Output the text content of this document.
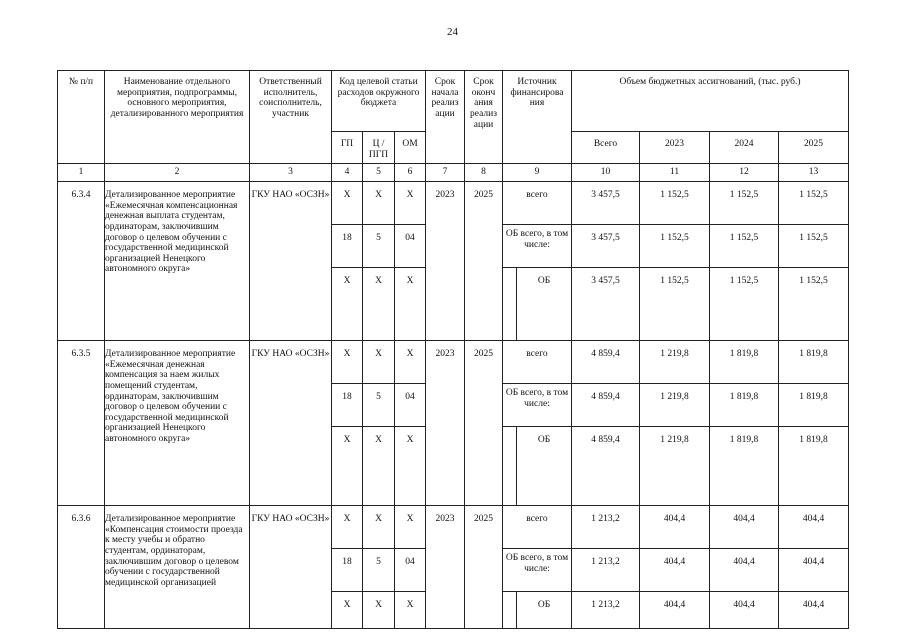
24
№ п/п	Наименование отдельного мероприятия, подпрограммы, основного мероприятия, детализированного мероприятия	Ответственный исполнитель, соисполнитель, участник	Код целевой статьи расходов окружного бюджета			Срок начала реализ ации	Срок оконч ания реализ ации	Источник финансирова ния		Объем бюджетных ассигнований, (тыс. руб.)			
			ГП	Ц / ПГП	ОМ					Всего	2023	2024	2025
1	2	3	4	5	6	7	8	9		10	11	12	13
6.3.4	Детализированное мероприятие «Ежемесячная компенсационная денежная выплата студентам, ординаторам, заключившим договор о целевом обучении с государственной медицинской организацией Ненецкого автономного округа»	ГКУ НАО «ОСЗН»	Х	Х	Х	2023	2025	всего		3 457,5	1 152,5	1 152,5	1 152,5
			18	5	04			ОБ всего, в том числе:		3 457,5	1 152,5	1 152,5	1 152,5
			Х	Х	Х				ОБ	3 457,5	1 152,5	1 152,5	1 152,5
6.3.5	Детализированное мероприятие «Ежемесячная денежная компенсация за наем жилых помещений студентам, ординаторам, заключившим договор о целевом обучении с государственной медицинской организацией Ненецкого автономного округа»	ГКУ НАО «ОСЗН»	Х	Х	Х	2023	2025	всего		4 859,4	1 219,8	1 819,8	1 819,8
			18	5	04			ОБ всего, в том числе:		4 859,4	1 219,8	1 819,8	1 819,8
			Х	Х	Х				ОБ	4 859,4	1 219,8	1 819,8	1 819,8
6.3.6	Детализированное мероприятие «Компенсация стоимости проезда к месту учебы и обратно студентам, ординаторам, заключившим договор о целевом обучении с государственной медицинской организацией	ГКУ НАО «ОСЗН»	Х	Х	Х	2023	2025	всего		1 213,2	404,4	404,4	404,4
			18	5	04			ОБ всего, в том числе:		1 213,2	404,4	404,4	404,4
			Х	Х	Х				ОБ	1 213,2	404,4	404,4	404,4
